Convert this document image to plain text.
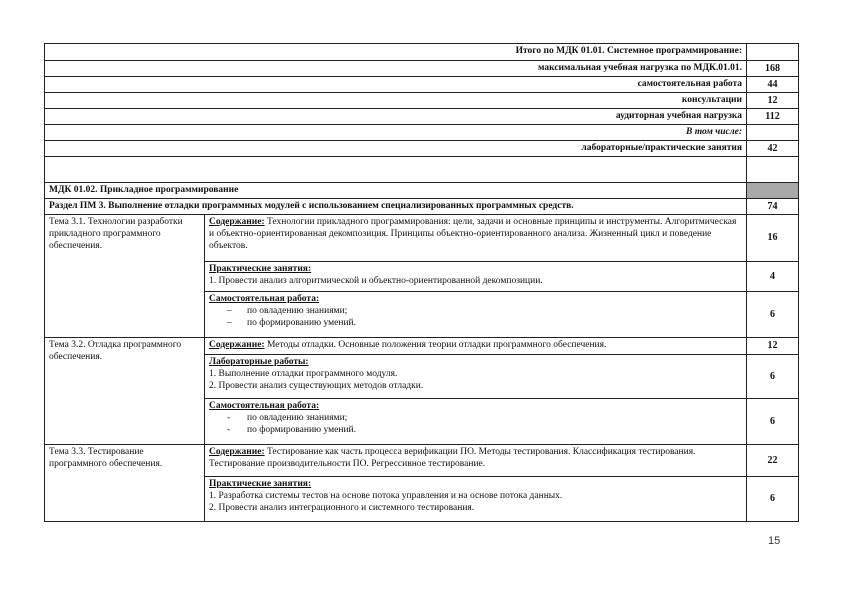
Итого по МДК 01.01. Системное программирование:		
максимальная учебная нагрузка по МДК.01.01.		168
самостоятельная работа		44
консультации		12
аудиторная учебная нагрузка		112
В том числе:		
лабораторные/практические занятия		42

МДК 01.02. Прикладное программирование		
Раздел ПМ 3. Выполнение отладки программных модулей с использованием специализированных программных средств.		74
Тема 3.1. Технологии разработки прикладного программного обеспечения.	Содержание: Технологии прикладного программирования: цели, задачи и основные принципы и инструменты. Алгоритмическая и объектно-ориентированная декомпозиция. Принципы объектно-ориентированного анализа. Жизненный цикл и поведение объектов.	16

	Практические занятия:
1. Провести анализ алгоритмической и объектно-ориентированной декомпозиции.	4

	Самостоятельная работа:
– по овладению знаниями;
– по формированию умений.	6
Тема 3.2. Отладка программного обеспечения.	Содержание: Методы отладки. Основные положения теории отладки программного обеспечения.	12

	Лабораторные работы:
1. Выполнение отладки программного модуля.
2. Провести анализ существующих методов отладки.	6

	Самостоятельная работа:
- по овладению знаниями;
- по формированию умений.	6
Тема 3.3. Тестирование программного обеспечения.	Содержание: Тестирование как часть процесса верификации ПО. Методы тестирования. Классификация тестирования. Тестирование производительности ПО. Регрессивное тестирование.	22

	Практические занятия:
1. Разработка системы тестов на основе потока управления и на основе потока данных.
2. Провести анализ интеграционного и системного тестирования.	6
15
